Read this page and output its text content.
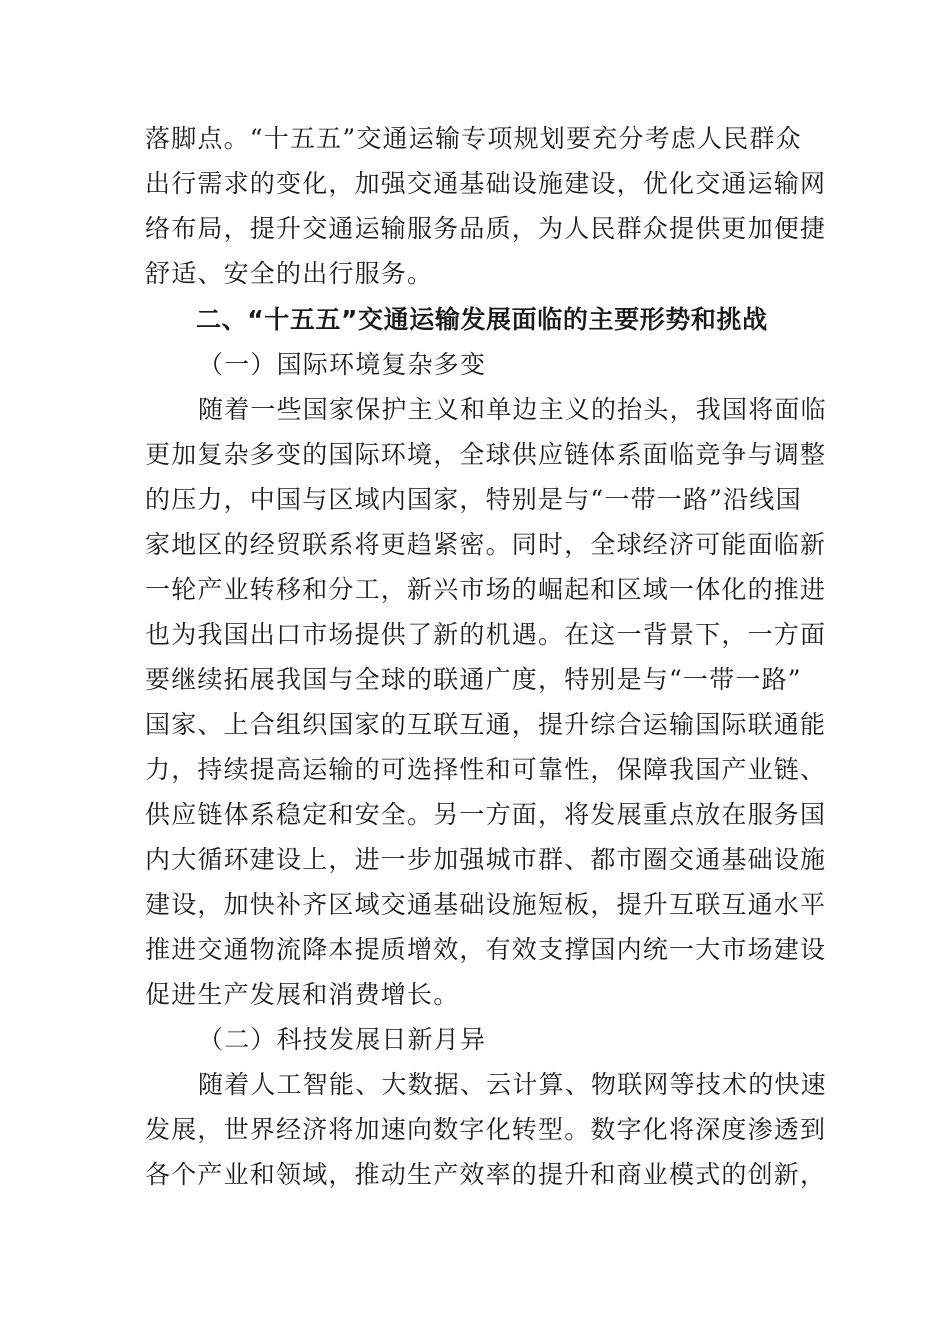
落脚点。“十五五”交通运输专项规划要充分考虑人民群众
出行需求的变化，加强交通基础设施建设，优化交通运输网
络布局，提升交通运输服务品质，为人民群众提供更加便捷
舒适、安全的出行服务。
二、“十五五”交通运输发展面临的主要形势和挑战
（一）国际环境复杂多变
随着一些国家保护主义和单边主义的抬头，我国将面临
更加复杂多变的国际环境，全球供应链体系面临竞争与调整
的压力，中国与区域内国家，特别是与“一带一路”沿线国
家地区的经贸联系将更趋紧密。同时，全球经济可能面临新
一轮产业转移和分工，新兴市场的崛起和区域一体化的推进
也为我国出口市场提供了新的机遇。在这一背景下，一方面
要继续拓展我国与全球的联通广度，特别是与“一带一路”
国家、上合组织国家的互联互通，提升综合运输国际联通能
力，持续提高运输的可选择性和可靠性，保障我国产业链、
供应链体系稳定和安全。另一方面，将发展重点放在服务国
内大循环建设上，进一步加强城市群、都市圈交通基础设施
建设，加快补齐区域交通基础设施短板，提升互联互通水平
推进交通物流降本提质增效，有效支撑国内统一大市场建设
促进生产发展和消费增长。
（二）科技发展日新月异
随着人工智能、大数据、云计算、物联网等技术的快速
发展，世界经济将加速向数字化转型。数字化将深度渗透到
各个产业和领域，推动生产效率的提升和商业模式的创新，
